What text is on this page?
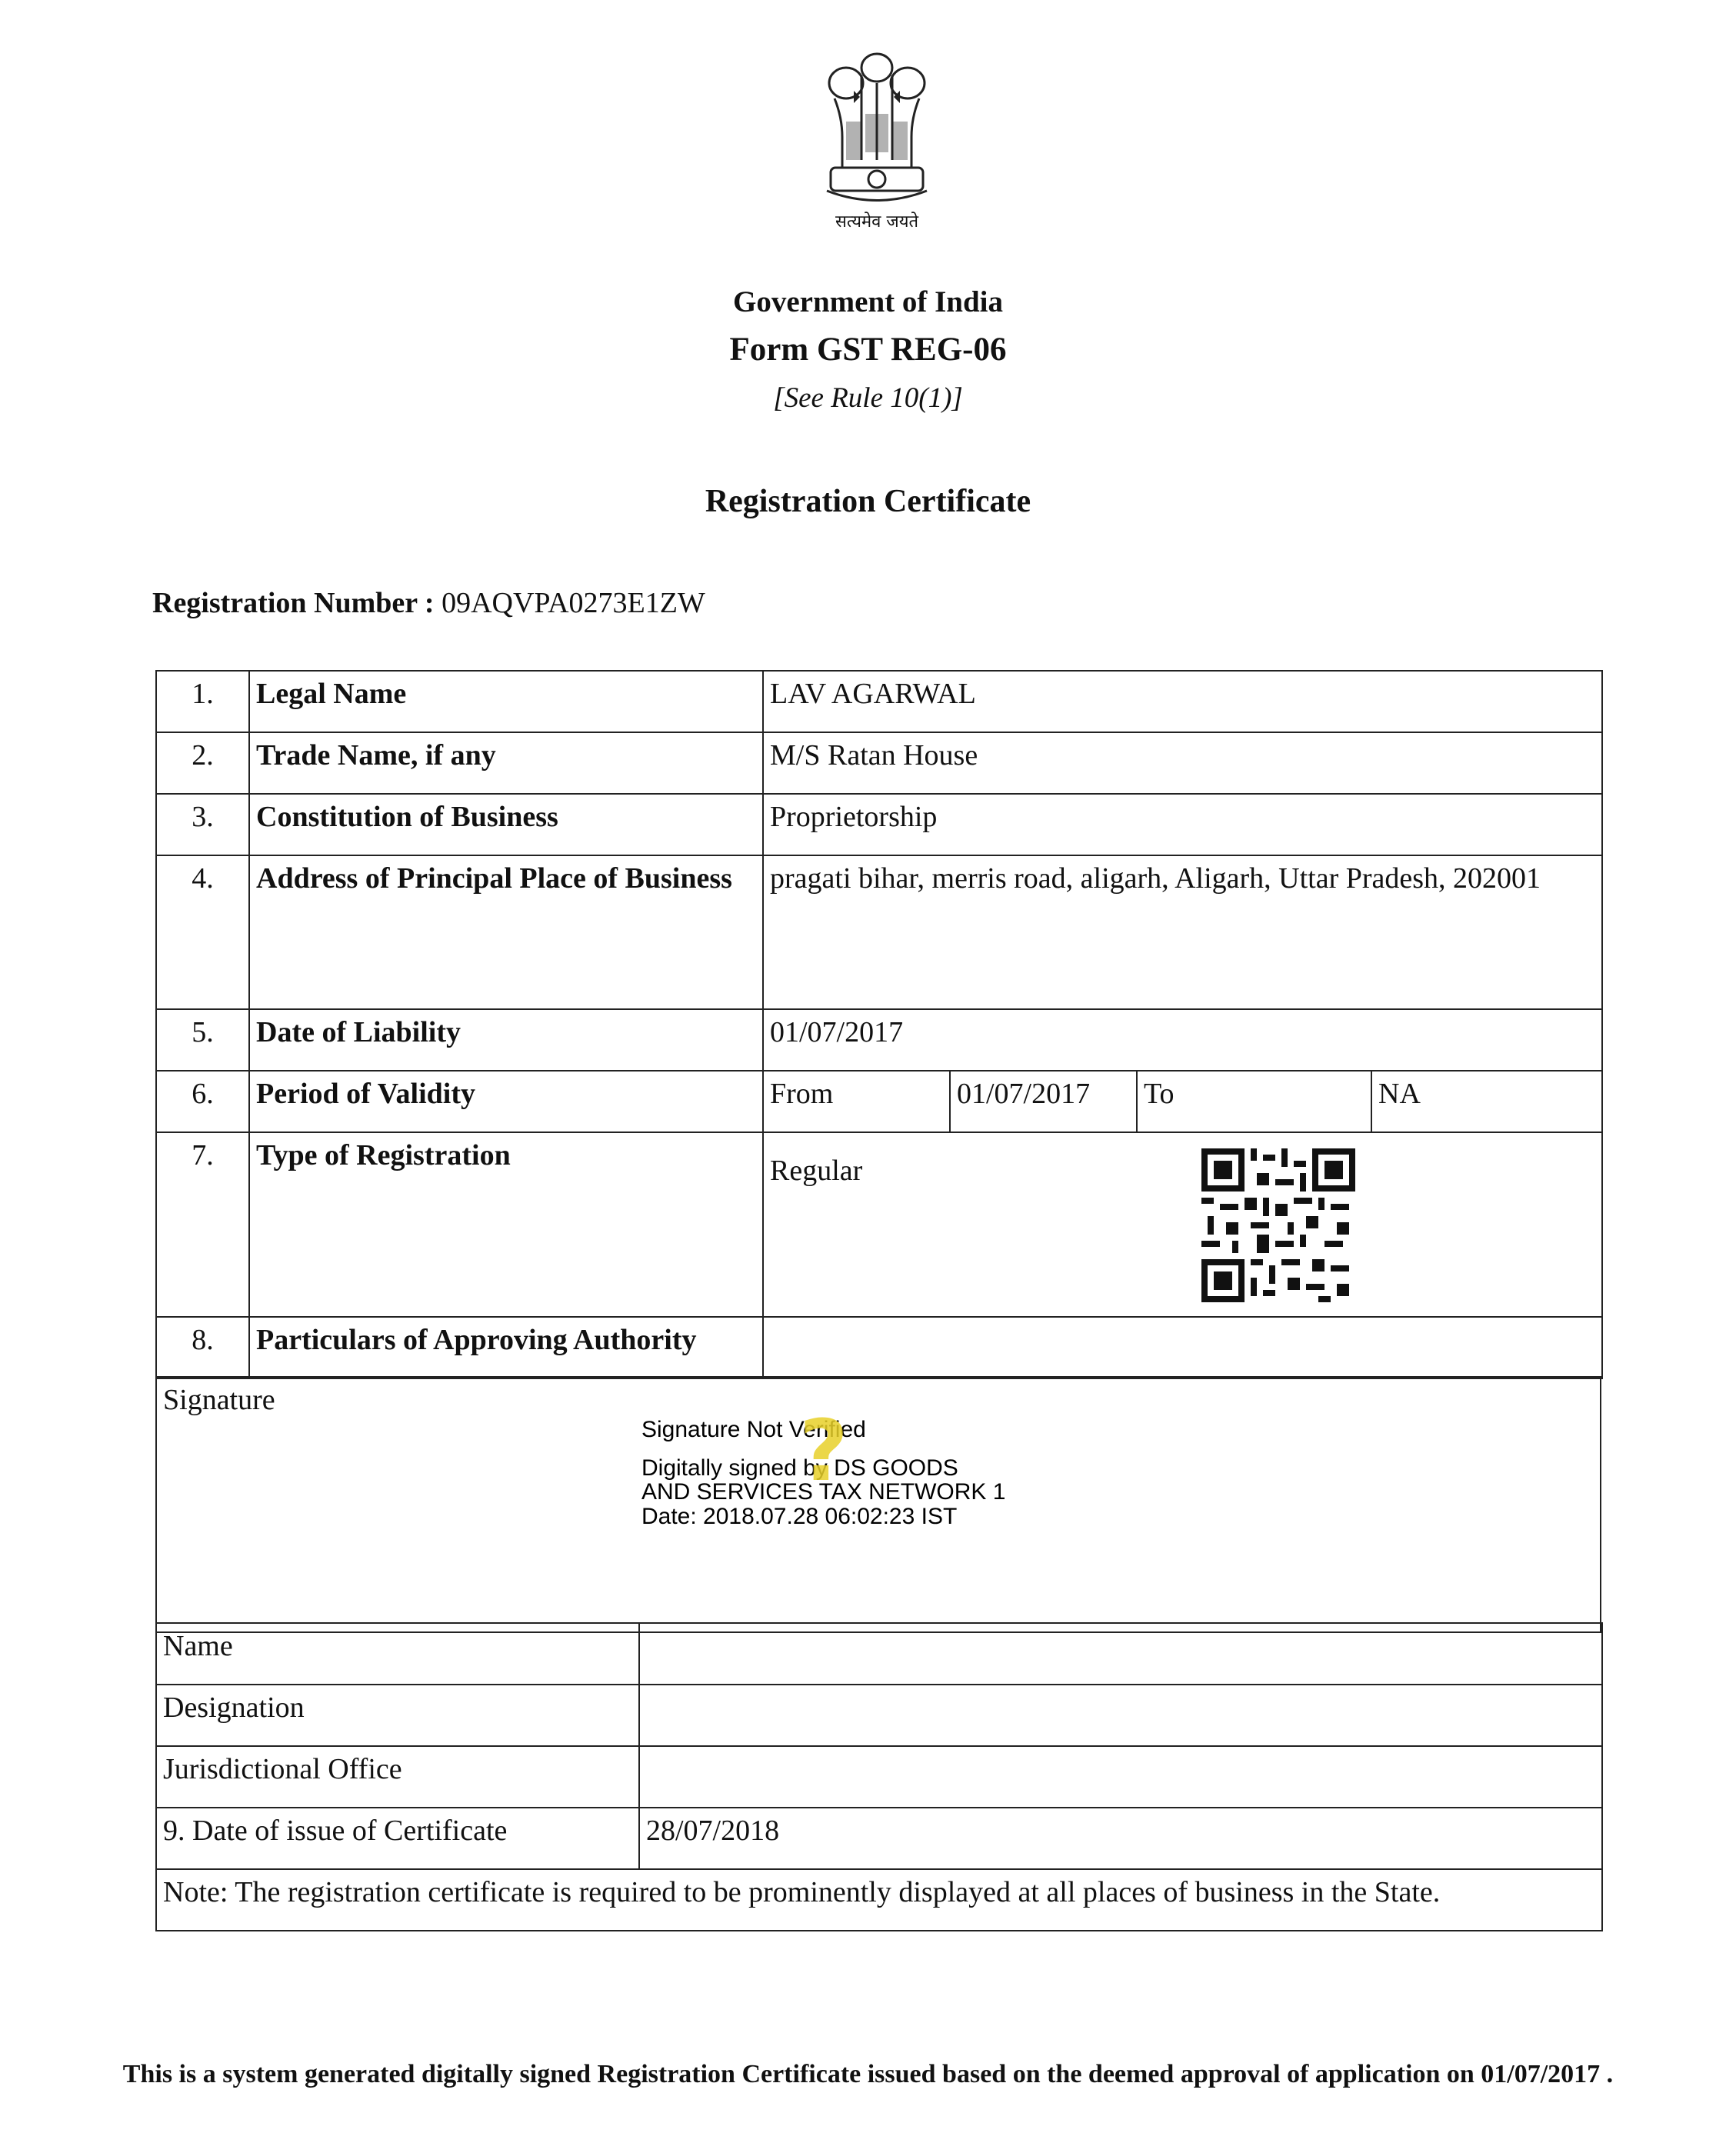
सत्यमेव जयते
Government of India
Form GST REG-06
[See Rule 10(1)]
Registration Certificate
Registration Number : 09AQVPA0273E1ZW
1.	Legal Name	LAV AGARWAL			
2.	Trade Name, if any	M/S Ratan House			
3.	Constitution of Business	Proprietorship			
4.	Address of Principal Place of Business	pragati bihar, merris road, aligarh, Aligarh, Uttar Pradesh, 202001			
5.	Date of Liability	01/07/2017			
6.	Period of Validity	From	01/07/2017	To	NA
7.	Type of Registration	Regular			

8.	Particulars of Approving Authority				
Signature
Signature Not Verified
Digitally signed by DS GOODS
AND SERVICES TAX NETWORK 1
Date: 2018.07.28 06:02:23 IST
?
Name	
Designation	
Jurisdictional Office	
9. Date of issue of Certificate	28/07/2018
Note: The registration certificate is required to be prominently displayed at all places of business in the State.	
This is a system generated digitally signed Registration Certificate issued based on the deemed approval of application on 01/07/2017 .
